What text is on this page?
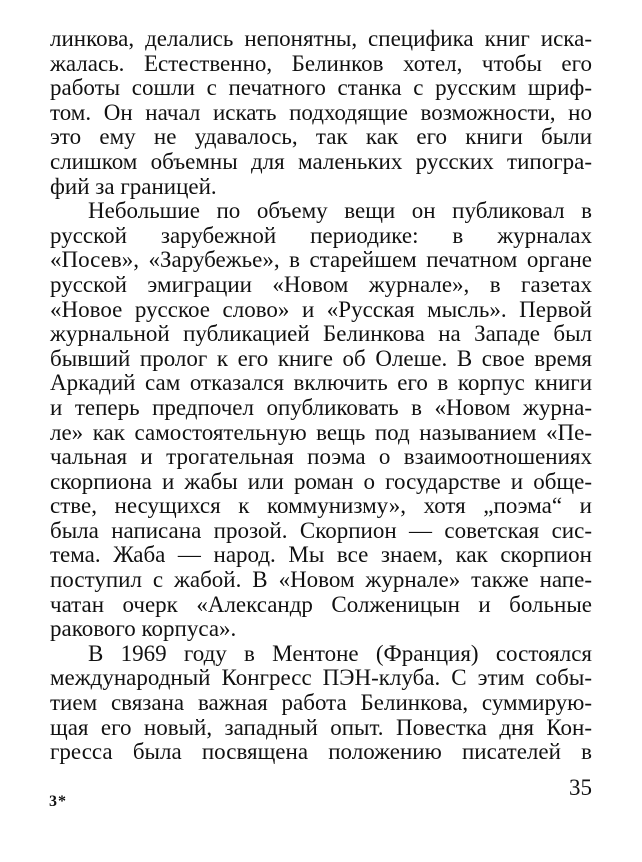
линкова, делались непонятны, специфика книг иска-
жалась. Естественно, Белинков хотел, чтобы его
работы сошли с печатного станка с русским шриф-
том. Он начал искать подходящие возможности, но
это ему не удавалось, так как его книги были
слишком объемны для маленьких русских типогра-
фий за границей.

Небольшие по объему вещи он публиковал в
русской зарубежной периодике: в журналах
«Посев», «Зарубежье», в старейшем печатном органе
русской эмиграции «Новом журнале», в газетах
«Новое русское слово» и «Русская мысль». Первой
журнальной публикацией Белинкова на Западе был
бывший пролог к его книге об Олеше. В свое время
Аркадий сам отказался включить его в корпус книги
и теперь предпочел опубликовать в «Новом журна-
ле» как самостоятельную вещь под называнием «Пе-
чальная и трогательная поэма о взаимоотношениях
скорпиона и жабы или роман о государстве и обще-
стве, несущихся к коммунизму», хотя „поэма“ и
была написана прозой. Скорпион — советская сис-
тема. Жаба — народ. Мы все знаем, как скорпион
поступил с жабой. В «Новом журнале» также напе-
чатан очерк «Александр Солженицын и больные
ракового корпуса».

В 1969 году в Ментоне (Франция) состоялся
международный Конгресс ПЭН-клуба. С этим собы-
тием связана важная работа Белинкова, суммирую-
щая его новый, западный опыт. Повестка дня Кон-
гресса была посвящена положению писателей в

3*
35
